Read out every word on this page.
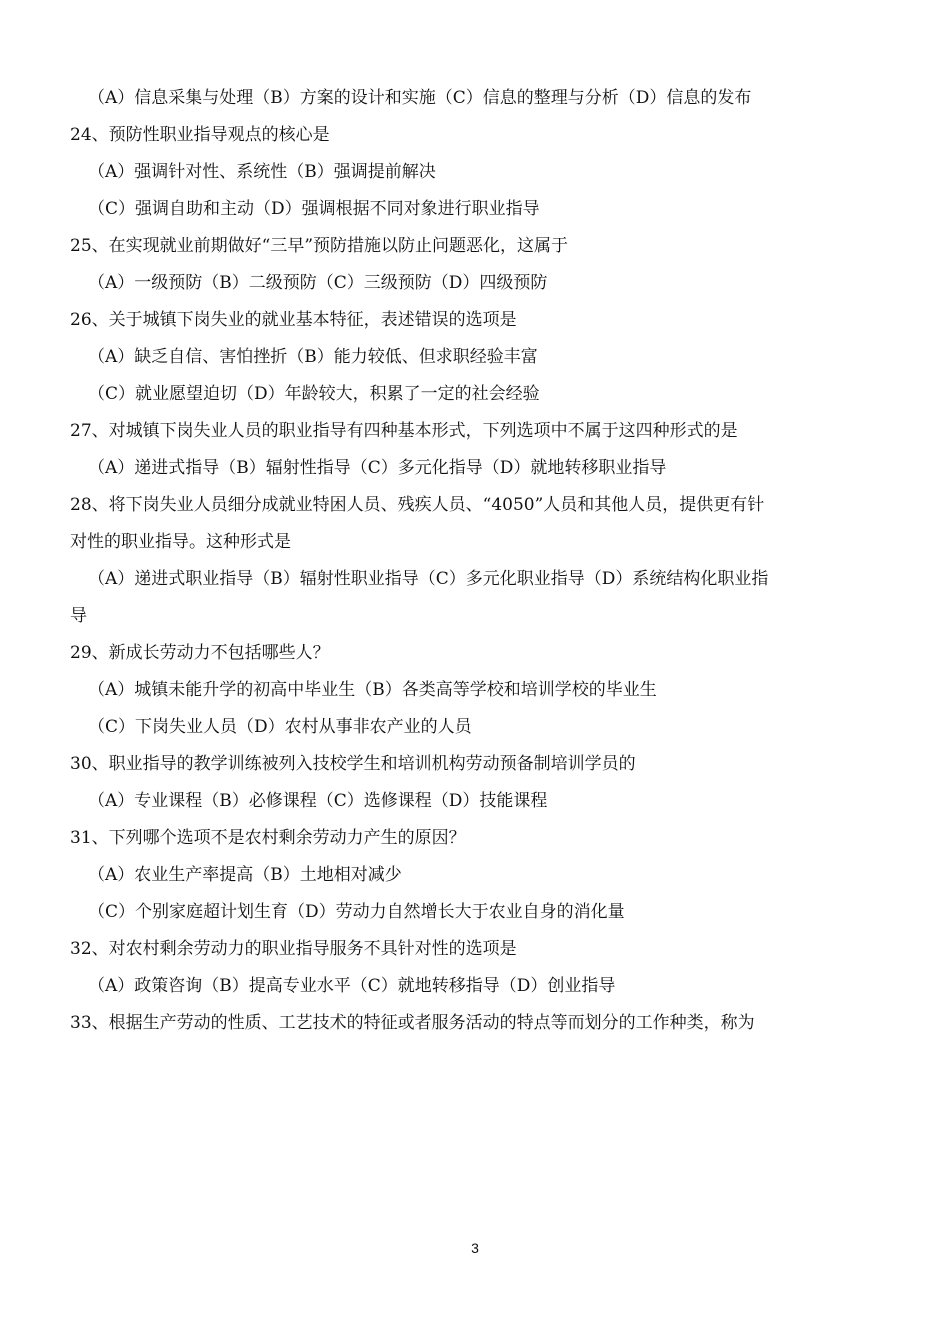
（A）信息采集与处理（B）方案的设计和实施（C）信息的整理与分析（D）信息的发布
24、预防性职业指导观点的核心是
（A）强调针对性、系统性（B）强调提前解决
（C）强调自助和主动（D）强调根据不同对象进行职业指导
25、在实现就业前期做好“三早”预防措施以防止问题恶化，这属于
（A）一级预防（B）二级预防（C）三级预防（D）四级预防
26、关于城镇下岗失业的就业基本特征，表述错误的选项是
（A）缺乏自信、害怕挫折（B）能力较低、但求职经验丰富
（C）就业愿望迫切（D）年龄较大，积累了一定的社会经验
27、对城镇下岗失业人员的职业指导有四种基本形式，下列选项中不属于这四种形式的是
（A）递进式指导（B）辐射性指导（C）多元化指导（D）就地转移职业指导
28、将下岗失业人员细分成就业特困人员、残疾人员、“4050”人员和其他人员，提供更有针
对性的职业指导。这种形式是
（A）递进式职业指导（B）辐射性职业指导（C）多元化职业指导（D）系统结构化职业指
导
29、新成长劳动力不包括哪些人？
（A）城镇未能升学的初高中毕业生（B）各类高等学校和培训学校的毕业生
（C）下岗失业人员（D）农村从事非农产业的人员
30、职业指导的教学训练被列入技校学生和培训机构劳动预备制培训学员的
（A）专业课程（B）必修课程（C）选修课程（D）技能课程
31、下列哪个选项不是农村剩余劳动力产生的原因？
（A）农业生产率提高（B）土地相对减少
（C）个别家庭超计划生育（D）劳动力自然增长大于农业自身的消化量
32、对农村剩余劳动力的职业指导服务不具针对性的选项是
（A）政策咨询（B）提高专业水平（C）就地转移指导（D）创业指导
33、根据生产劳动的性质、工艺技术的特征或者服务活动的特点等而划分的工作种类，称为
3
